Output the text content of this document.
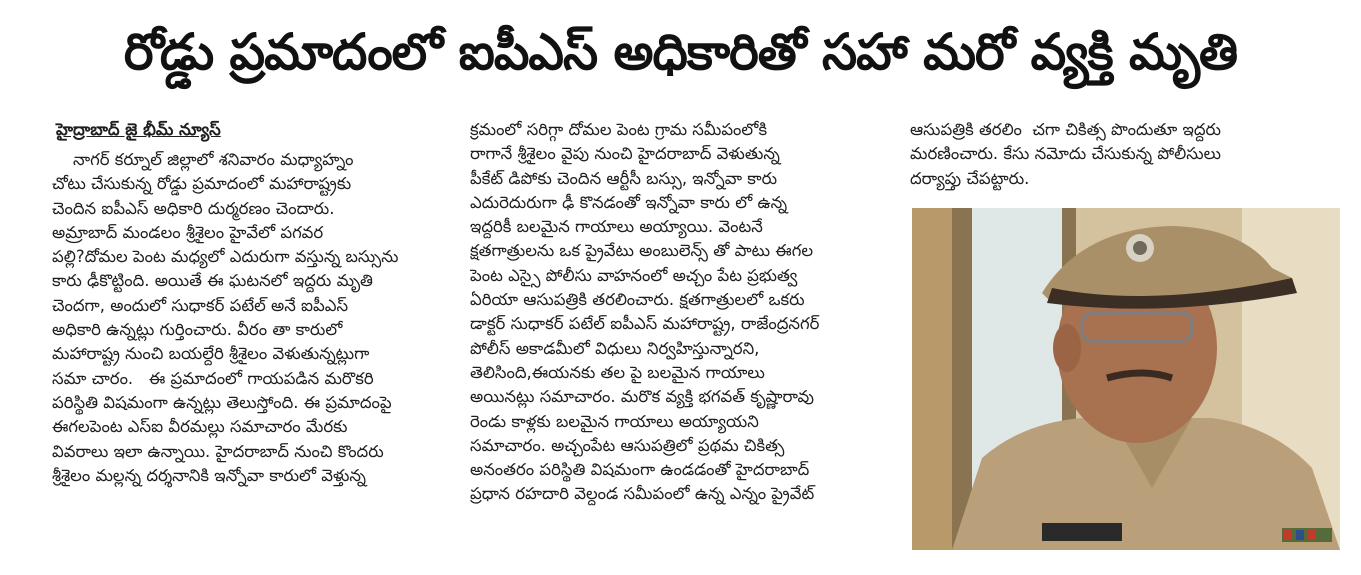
రోడ్డు ప్రమాదంలో ఐపీఎస్ అధికారితో సహా మరో వ్యక్తి మృతి
హైద్రాబాద్ జై భీమ్ న్యూస్
నాగర్ కర్నూల్ జిల్లాలో శనివారం మధ్యాహ్నం
చోటు చేసుకున్న రోడ్డు ప్రమాదంలో మహారాష్ట్రకు
చెందిన ఐపీఎస్ అధికారి దుర్మరణం చెందారు.
అమ్రాబాద్ మండలం శ్రీశైలం హైవేలో పగవర
పల్లి?దోమల పెంట మధ్యలో ఎదురుగా వస్తున్న బస్సును
కారు ఢీకొట్టింది. అయితే ఈ ఘటనలో ఇద్దరు మృతి
చెందగా, అందులో సుధాకర్ పటేల్ అనే ఐపీఎస్
అధికారి ఉన్నట్లు గుర్తించారు. వీరం తా కారులో
మహారాష్ట్ర నుంచి బయల్దేరి శ్రీశైలం వెళుతున్నట్లుగా
సమా చారం.   ఈ ప్రమాదంలో గాయపడిన మరొకరి
పరిస్థితి విషమంగా ఉన్నట్లు తెలుస్తోంది. ఈ ప్రమాదంపై
ఈగలపెంట ఎస్ఐ వీరమల్లు సమాచారం మేరకు
వివరాలు ఇలా ఉన్నాయి. హైదరాబాద్ నుంచి కొందరు
శ్రీశైలం మల్లన్న దర్శనానికి ఇన్నోవా కారులో వెళ్తున్న
క్రమంలో సరిగ్గా దోమల పెంట గ్రామ సమీపంలోకి
రాగానే శ్రీశైలం వైపు నుంచి హైదరాబాద్ వెళుతున్న
పీకేట్ డిపోకు చెందిన ఆర్టీసీ బస్సు, ఇన్నోవా కారు
ఎదురెదురుగా ఢీ కొనడంతో ఇన్నోవా కారు లో ఉన్న
ఇద్దరికీ బలమైన గాయాలు అయ్యాయి. వెంటనే
క్షతగాత్రులను ఒక ప్రైవేటు అంబులెన్స్ తో పాటు ఈగల
పెంట ఎస్సై పోలీసు వాహనంలో అచ్చం పేట ప్రభుత్వ
ఏరియా ఆసుపత్రికి తరలించారు. క్షతగాత్రులలో ఒకరు
డాక్టర్ సుధాకర్ పటేల్ ఐపీఎస్ మహారాష్ట్ర, రాజేంద్రనగర్
పోలీస్ అకాడమీలో విధులు నిర్వహిస్తున్నారని,
తెలిసింది,ఈయనకు తల పై బలమైన గాయాలు
అయినట్లు సమాచారం. మరొక వ్యక్తి భగవత్ కృష్ణారావు
రెండు కాళ్లకు బలమైన గాయాలు అయ్యాయని
సమాచారం. అచ్చంపేట ఆసుపత్రిలో ప్రథమ చికిత్స
అనంతరం పరిస్థితి విషమంగా ఉండడంతో హైదరాబాద్
ప్రధాన రహదారి వెల్దండ సమీపంలో ఉన్న ఎన్నం ప్రైవేట్
ఆసుపత్రికి తరలిం  చగా చికిత్స పొందుతూ ఇద్దరు
మరణించారు. కేసు నమోదు చేసుకున్న పోలీసులు
దర్యాప్తు చేపట్టారు.
